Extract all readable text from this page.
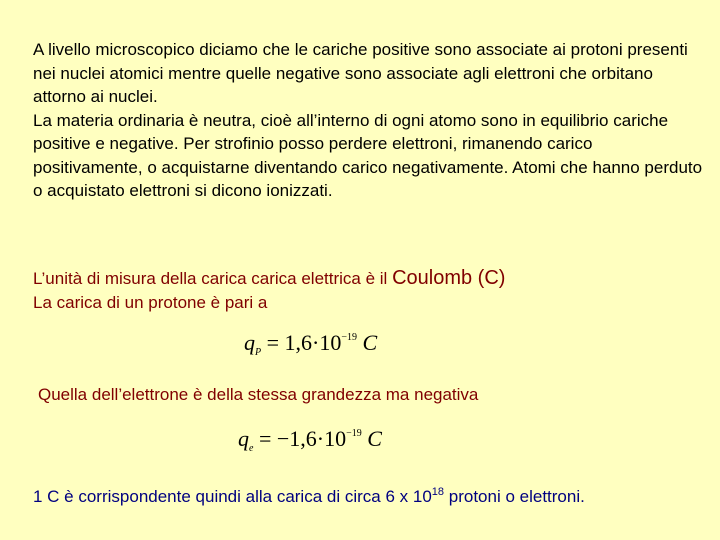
A livello microscopico diciamo che le cariche positive sono associate ai protoni presenti nei nuclei atomici mentre quelle negative sono associate agli elettroni che orbitano attorno ai nuclei.

La materia ordinaria è neutra, cioè all’interno di ogni atomo sono in equilibrio cariche positive e negative. Per strofinio posso perdere elettroni, rimanendo carico positivamente, o acquistarne diventando carico negativamente. Atomi che hanno perduto o acquistato elettroni si dicono ionizzati.

L’unità di misura della carica carica elettrica è il Coulomb (C)

La carica di un protone è pari a

$q_P = 1,6\cdot 10^{-19}$ C

Quella dell’elettrone è della stessa grandezza ma negativa

$q_e = -1,6\cdot 10^{-19}$ C

1 C è corrispondente quindi alla carica di circa 6 x $10^{18}$ protoni o elettroni.
